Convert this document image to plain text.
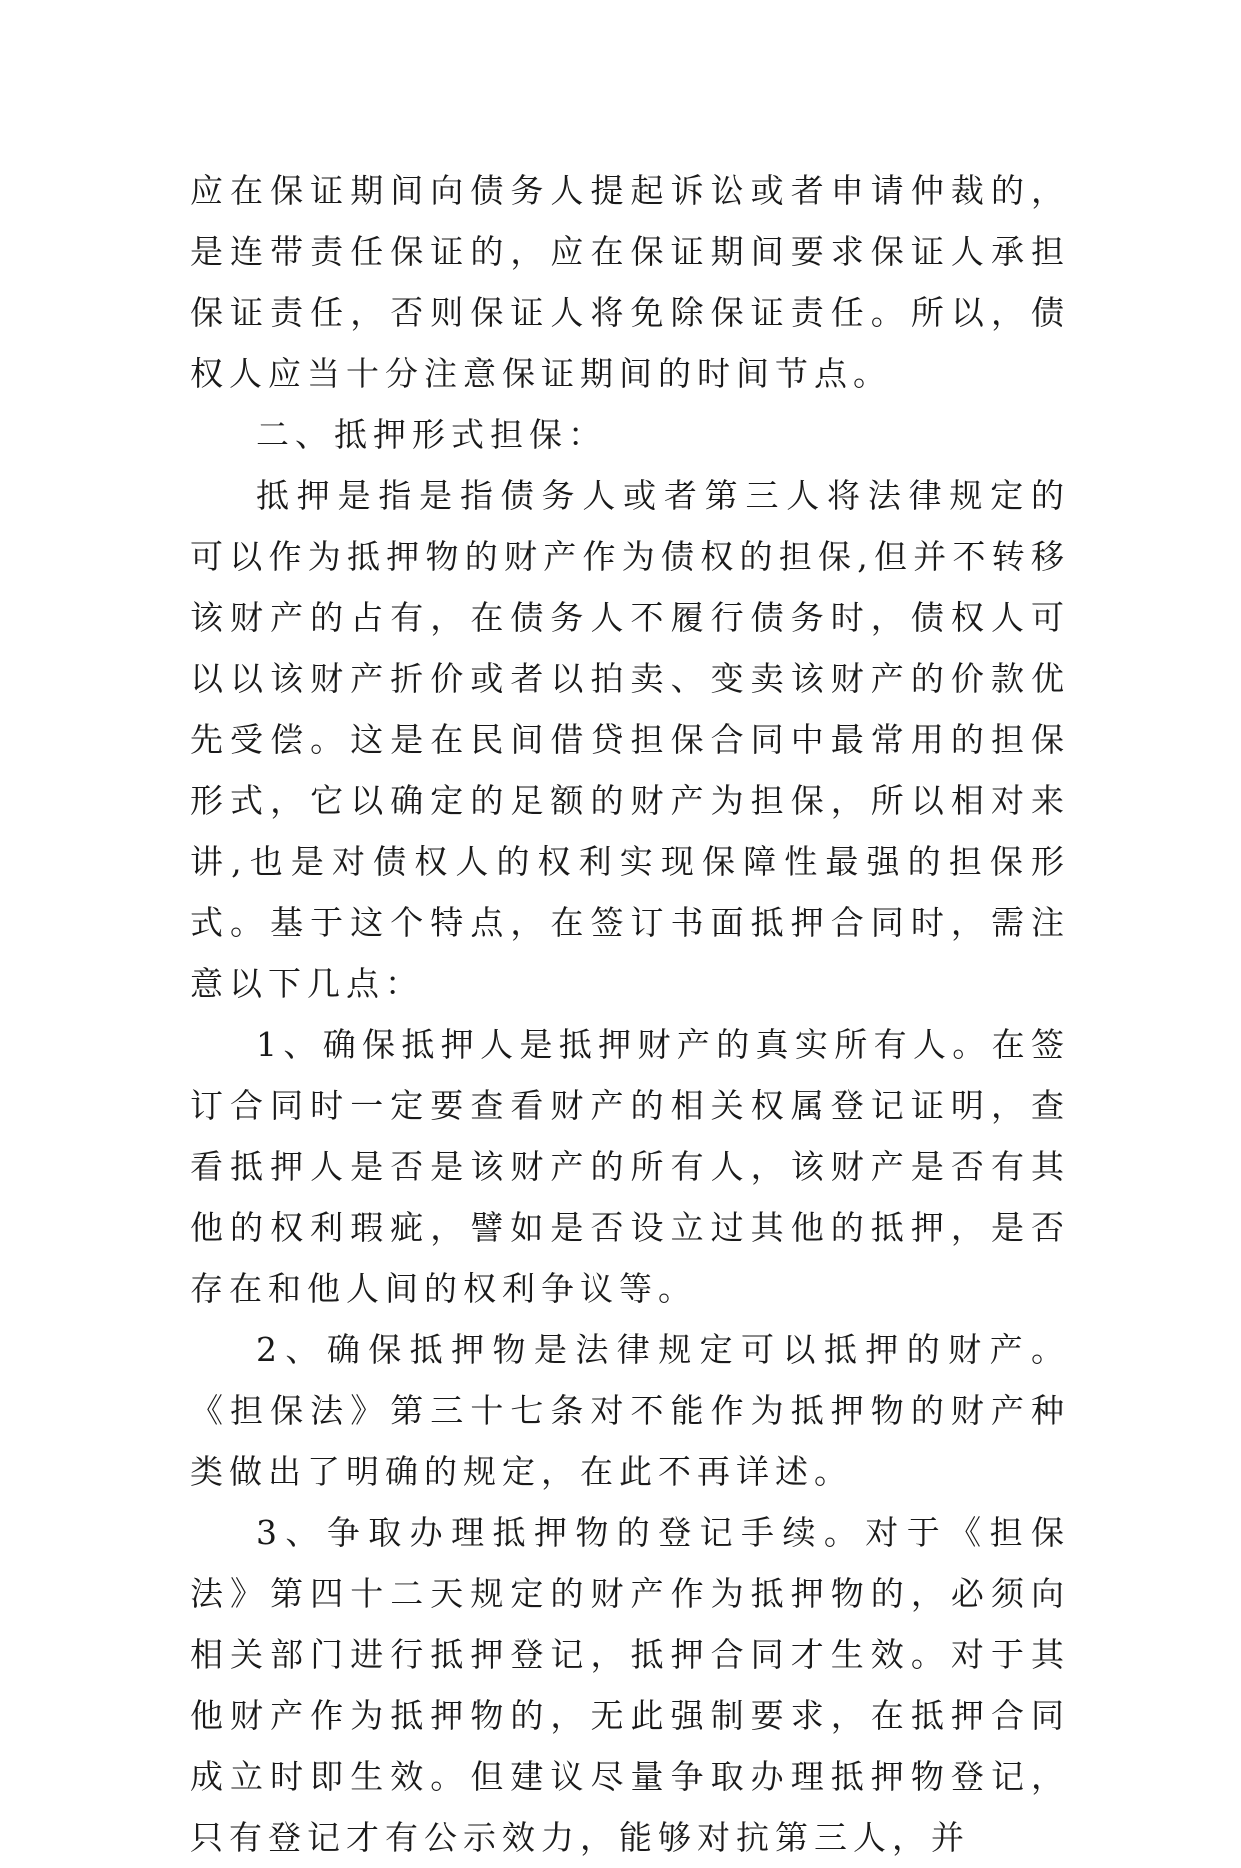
应在保证期间向债务人提起诉讼或者申请仲裁的，是连带责任保证的，应在保证期间要求保证人承担保证责任，否则保证人将免除保证责任。所以，债权人应当十分注意保证期间的时间节点。

二、抵押形式担保：

抵押是指是指债务人或者第三人将法律规定的可以作为抵押物的财产作为债权的担保,但并不转移该财产的占有，在债务人不履行债务时，债权人可以以该财产折价或者以拍卖、变卖该财产的价款优先受偿。这是在民间借贷担保合同中最常用的担保形式，它以确定的足额的财产为担保，所以相对来讲,也是对债权人的权利实现保障性最强的担保形式。基于这个特点，在签订书面抵押合同时，需注意以下几点：

1、确保抵押人是抵押财产的真实所有人。在签订合同时一定要查看财产的相关权属登记证明，查看抵押人是否是该财产的所有人，该财产是否有其他的权利瑕疵，譬如是否设立过其他的抵押，是否存在和他人间的权利争议等。

2、确保抵押物是法律规定可以抵押的财产。《担保法》第三十七条对不能作为抵押物的财产种类做出了明确的规定，在此不再详述。

3、争取办理抵押物的登记手续。对于《担保法》第四十二天规定的财产作为抵押物的，必须向相关部门进行抵押登记，抵押合同才生效。对于其他财产作为抵押物的，无此强制要求，在抵押合同成立时即生效。但建议尽量争取办理抵押物登记，只有登记才有公示效力，能够对抗第三人，并
